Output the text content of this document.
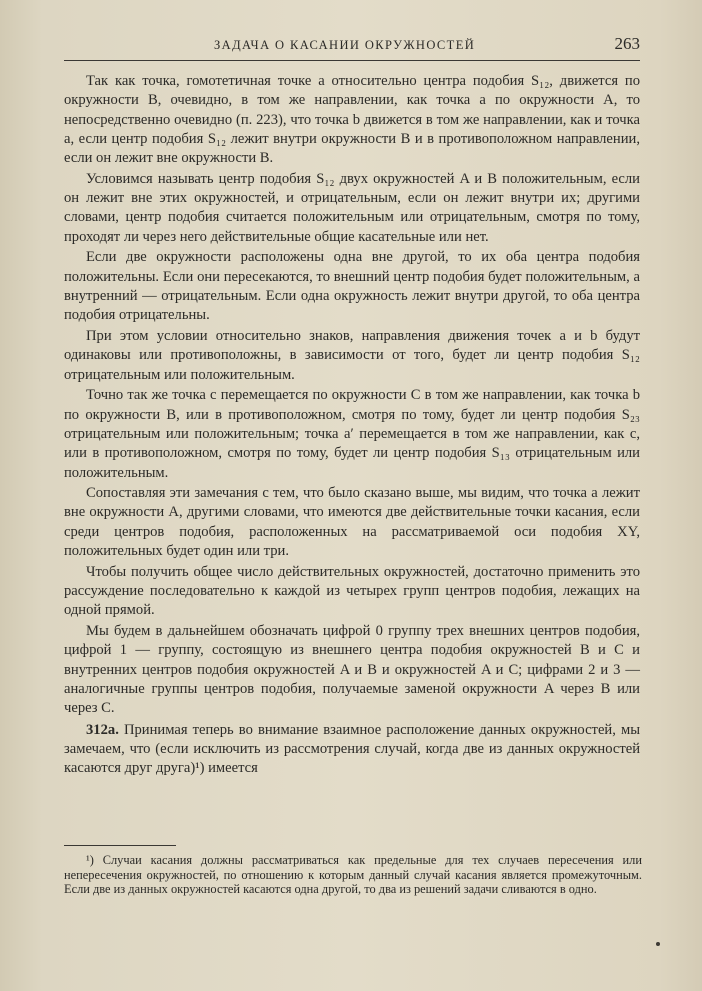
ЗАДАЧА О КАСАНИИ ОКРУЖНОСТЕЙ	263

Так как точка, гомотетичная точке a относительно центра подобия S₁₂, движется по окружности B, очевидно, в том же направлении, как точка a по окружности A, то непосредственно очевидно (п. 223), что точка b движется в том же направлении, как и точка a, если центр подобия S₁₂ лежит внутри окружности B и в противоположном направлении, если он лежит вне окружности B.

Условимся называть центр подобия S₁₂ двух окружностей A и B положительным, если он лежит вне этих окружностей, и отрицательным, если он лежит внутри их; другими словами, центр подобия считается положительным или отрицательным, смотря по тому, проходят ли через него действительные общие касательные или нет.

Если две окружности расположены одна вне другой, то их оба центра подобия положительны. Если они пересекаются, то внешний центр подобия будет положительным, а внутренний — отрицательным. Если одна окружность лежит внутри другой, то оба центра подобия отрицательны.

При этом условии относительно знаков, направления движения точек a и b будут одинаковы или противоположны, в зависимости от того, будет ли центр подобия S₁₂ отрицательным или положительным.

Точно так же точка c перемещается по окружности C в том же направлении, как точка b по окружности B, или в противоположном, смотря по тому, будет ли центр подобия S₂₃ отрицательным или положительным; точка a′ перемещается в том же направлении, как c, или в противоположном, смотря по тому, будет ли центр подобия S₁₃ отрицательным или положительным.

Сопоставляя эти замечания с тем, что было сказано выше, мы видим, что точка a лежит вне окружности A, другими словами, что имеются две действительные точки касания, если среди центров подобия, расположенных на рассматриваемой оси подобия XY, положительных будет один или три.

Чтобы получить общее число действительных окружностей, достаточно применить это рассуждение последовательно к каждой из четырех групп центров подобия, лежащих на одной прямой.

Мы будем в дальнейшем обозначать цифрой 0 группу трех внешних центров подобия, цифрой 1 — группу, состоящую из внешнего центра подобия окружностей B и C и внутренних центров подобия окружностей A и B и окружностей A и C; цифрами 2 и 3 — аналогичные группы центров подобия, получаемые заменой окружности A через B или через C.

312a. Принимая теперь во внимание взаимное расположение данных окружностей, мы замечаем, что (если исключить из рассмотрения случай, когда две из данных окружностей касаются друг друга)¹) имеется

¹) Случаи касания должны рассматриваться как предельные для тех случаев пересечения или непересечения окружностей, по отношению к которым данный случай касания является промежуточным. Если две из данных окружностей касаются одна другой, то два из решений задачи сливаются в одно.
